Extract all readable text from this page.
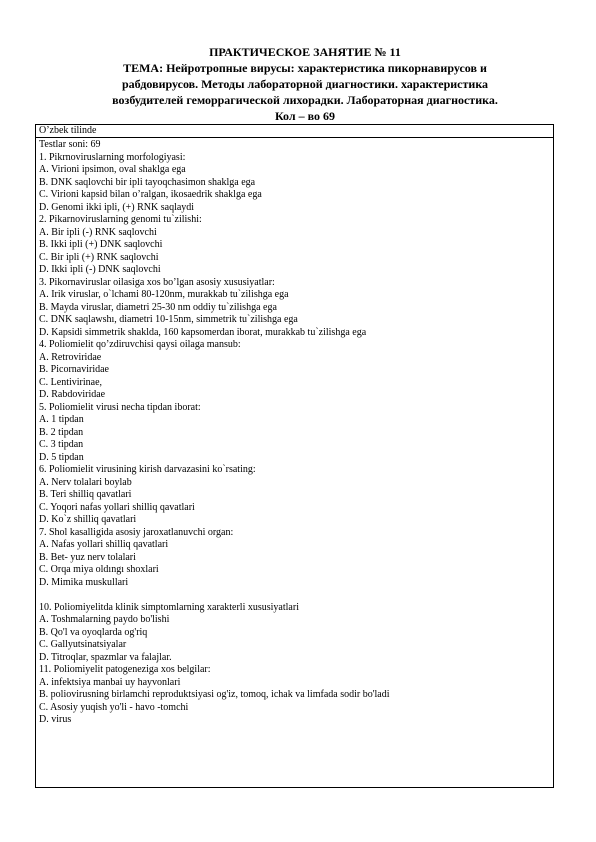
ПРАКТИЧЕСКОЕ ЗАНЯТИЕ № 11
ТЕМА: Нейротропные вирусы: характеристика пикорнавирусов и
рабдовирусов. Методы лабораторной диагностики. характеристика
возбудителей геморрагической лихорадки. Лабораторная диагностика.
Кол – во 69
O’zbek tilinde
Testlar soni: 69
1. Pikrnoviruslarning morfologiyasi:
A. Virioni ipsimon, oval shaklga ega
B. DNK saqlovchi bir ipli tayoqchasimon shaklga ega
C. Virioni kapsid bilan o’ralgan, ikosaedrik shaklga ega
D. Genomi ikki ipli, (+) RNK saqlaydi
2. Pikarnoviruslarning genomi tu`zilishi:
A. Bir ipli (-) RNK saqlovchi
B. Ikki ipli (+) DNK saqlovchi
C. Bir ipli (+) RNK saqlovchi
D. Ikki ipli (-) DNK saqlovchi
3. Pikornaviruslar oilasiga xos bo’lgan asosiy xususiyatlar:
A. Irik viruslar, o`lchami 80-120nm, murakkab tu`zilishga ega
B. Mayda viruslar, diametri 25-30 nm oddiy tu`zilishga ega
C. DNK saqlawshı, diametri 10-15nm, simmetrik tu`zilishga ega
D. Kapsidi simmetrik shaklda, 160 kapsomerdan iborat, murakkab tu`zilishga ega
4. Poliomielit qo’zdiruvchisi qaysi oilaga mansub:
A. Retroviridae
B. Picornaviridae
C. Lentivirinae,
D. Rabdoviridae
5. Poliomielit virusi necha tipdan iborat:
A. 1 tipdan
B. 2 tipdan
C. 3 tipdan
D. 5 tipdan
6. Poliomielit virusining kirish darvazasini ko`rsating:
A. Nerv tolalari boylab
B. Teri shilliq qavatlari
C. Yoqori nafas yollari shilliq qavatlari
D. Ko`z shilliq qavatlari
7. Shol kasalligida asosiy jaroxatlanuvchi organ:
A. Nafas yollari shilliq qavatlari
B. Bet- yuz nerv tolalari
C. Orqa miya oldıngı shoxlari
D. Mimika muskullari
10. Poliomiyelitda klinik simptomlarning xarakterli xususiyatlari
A. Toshmalarning paydo bo'lishi
B. Qo'l va oyoqlarda og'riq
C. Gallyutsinatsiyalar
D. Titroqlar, spazmlar va falajlar.
11. Poliomiyelit patogeneziga xos belgilar:
A. infektsiya manbai uy hayvonlari
B. poliovirusning birlamchi reproduktsiyasi og'iz, tomoq, ichak va limfada sodir bo'ladi
C. Asosiy yuqish yo'li - havo -tomchi
D. virus
